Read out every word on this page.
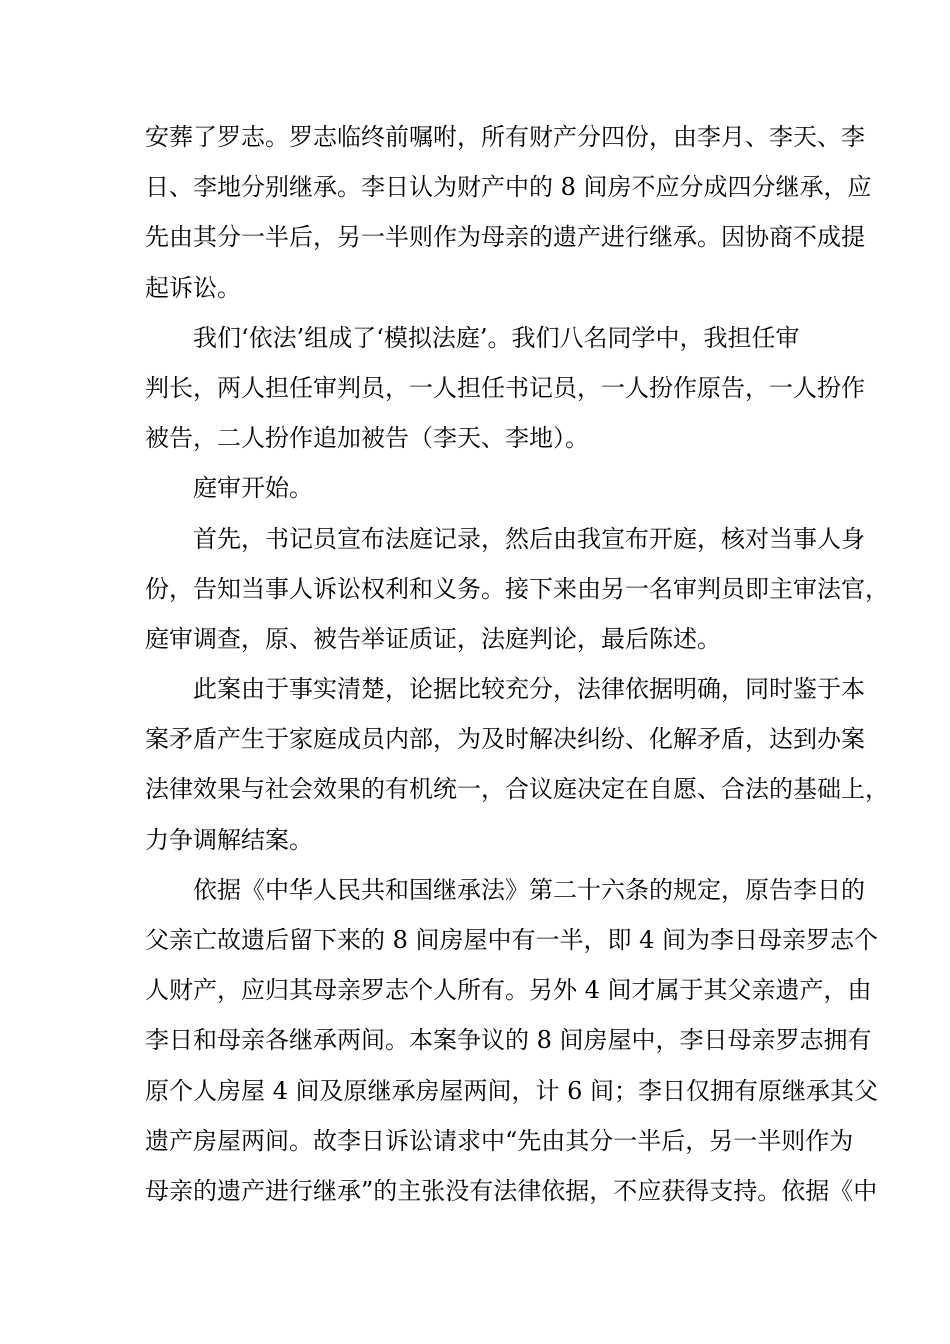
安葬了罗志。罗志临终前嘱咐，所有财产分四份，由李月、李天、李
日、李地分别继承。李日认为财产中的 8 间房不应分成四分继承，应
先由其分一半后，另一半则作为母亲的遗产进行继承。因协商不成提
起诉讼。
我们‘依法’组成了‘模拟法庭’。我们八名同学中，我担任审
判长，两人担任审判员，一人担任书记员，一人扮作原告，一人扮作
被告，二人扮作追加被告（李天、李地）。
庭审开始。
首先，书记员宣布法庭记录，然后由我宣布开庭，核对当事人身
份，告知当事人诉讼权利和义务。接下来由另一名审判员即主审法官，
庭审调查，原、被告举证质证，法庭判论，最后陈述。
此案由于事实清楚，论据比较充分，法律依据明确，同时鉴于本
案矛盾产生于家庭成员内部，为及时解决纠纷、化解矛盾，达到办案
法律效果与社会效果的有机统一，合议庭决定在自愿、合法的基础上，
力争调解结案。
依据《中华人民共和国继承法》第二十六条的规定，原告李日的
父亲亡故遗后留下来的 8 间房屋中有一半，即 4 间为李日母亲罗志个
人财产，应归其母亲罗志个人所有。另外 4 间才属于其父亲遗产，由
李日和母亲各继承两间。本案争议的 8 间房屋中，李日母亲罗志拥有
原个人房屋 4 间及原继承房屋两间，计 6 间；李日仅拥有原继承其父
遗产房屋两间。故李日诉讼请求中“先由其分一半后，另一半则作为
母亲的遗产进行继承”的主张没有法律依据，不应获得支持。依据《中
